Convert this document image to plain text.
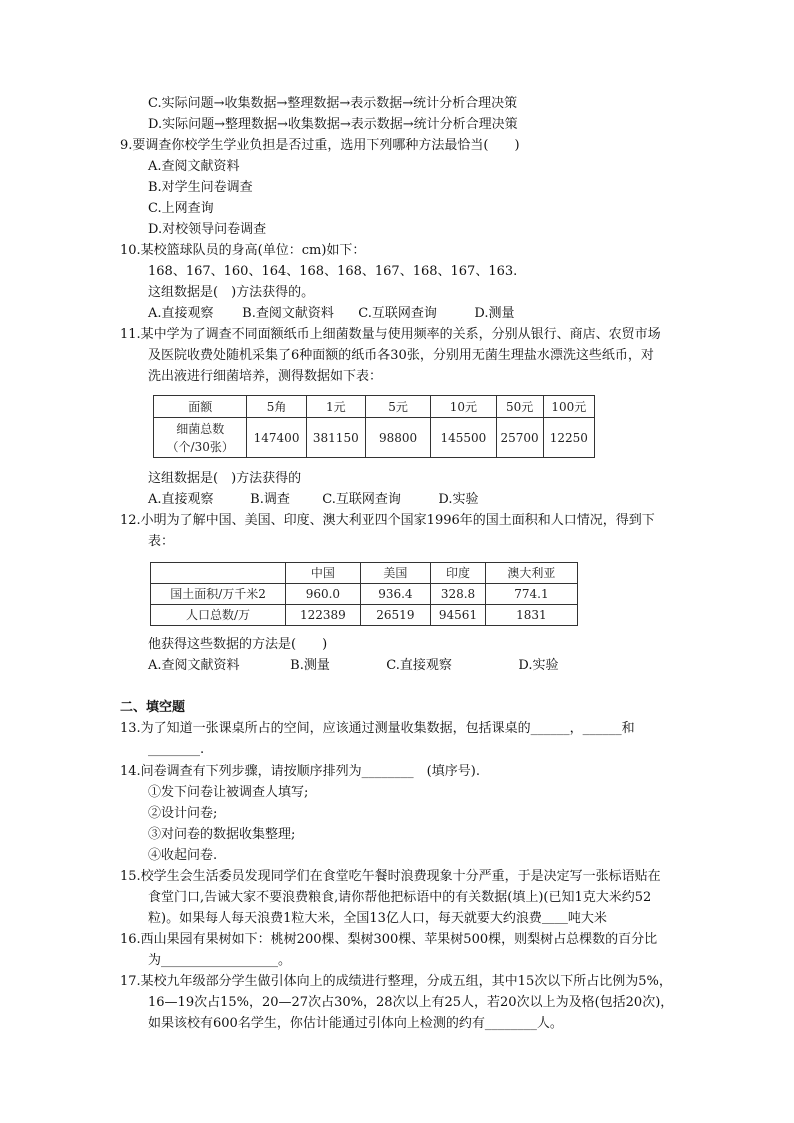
C.实际问题→收集数据→整理数据→表示数据→统计分析合理决策
D.实际问题→整理数据→收集数据→表示数据→统计分析合理决策
9.要调查你校学生学业负担是否过重，选用下列哪种方法最恰当(　　)
A.查阅文献资料
B.对学生问卷调查
C.上网查询
D.对校领导问卷调查
10.某校篮球队员的身高(单位：cm)如下：
168、167、160、164、168、168、167、168、167、163.
这组数据是(　)方法获得的。
A.直接观察 B.查阅文献资料 C.互联网查询	D.测量
11.某中学为了调查不同面额纸币上细菌数量与使用频率的关系，分别从银行、商店、农贸市场
及医院收费处随机采集了6种面额的纸币各30张，分别用无菌生理盐水漂洗这些纸币，对
洗出液进行细菌培养，测得数据如下表：
面额	5角	1元	5元	10元	50元	100元

细菌总数
（个/30张）	147400	381150	98800	145500	25700	12250
这组数据是(　)方法获得的
A.直接观察	B.调查 C.互联网查询	D.实验
12.小明为了解中国、美国、印度、澳大利亚四个国家1996年的国土面积和人口情况，得到下
表：
	中国	美国	印度	澳大利亚
国土面积/万千米2	960.0	936.4	328.8	774.1
人口总数/万	122389	26519	94561	1831
他获得这些数据的方法是(　　)
A.查阅文献资料	B.测量	C.直接观察	D.实验
二、填空题
13.为了知道一张课桌所占的空间，应该通过测量收集数据，包括课桌的______，______和
________.
14.问卷调查有下列步骤，请按顺序排列为________　(填序号).
①发下问卷让被调查人填写;
②设计问卷;
③对问卷的数据收集整理;
④收起问卷.
15.校学生会生活委员发现同学们在食堂吃午餐时浪费现象十分严重，于是决定写一张标语贴在
食堂门口,告诫大家不要浪费粮食,请你帮他把标语中的有关数据(填上)(已知1克大米约52
粒)。如果每人每天浪费1粒大米，全国13亿人口，每天就要大约浪费＿＿吨大米
16.西山果园有果树如下：桃树200棵、梨树300棵、苹果树500棵，则梨树占总棵数的百分比
为__________________。
17.某校九年级部分学生做引体向上的成绩进行整理，分成五组，其中15次以下所占比例为5%，
16—19次占15%，20—27次占30%，28次以上有25人，若20次以上为及格(包括20次)，
如果该校有600名学生，你估计能通过引体向上检测的约有________人。
